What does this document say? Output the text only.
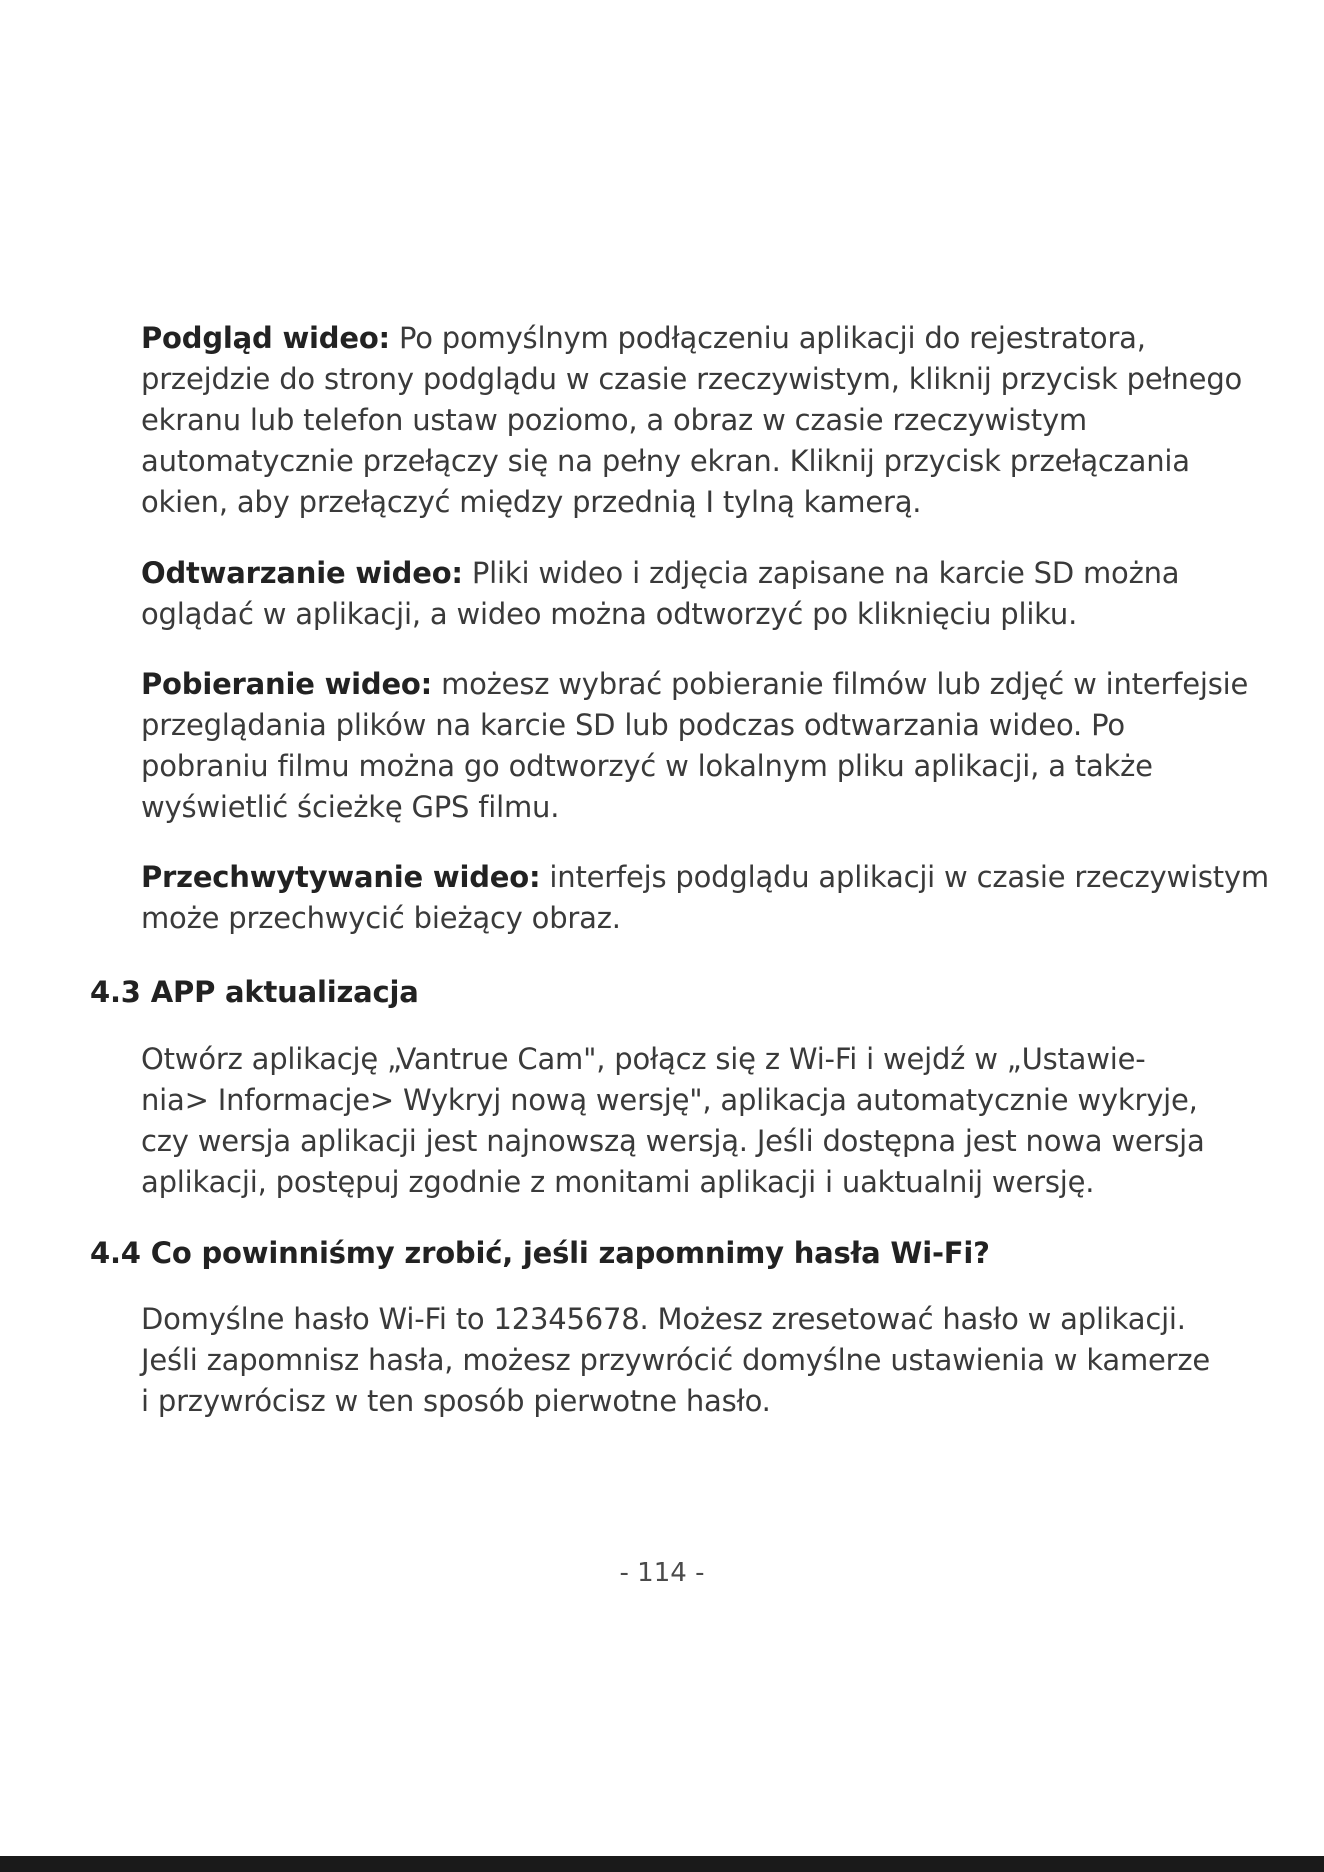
Podgląd wideo: Po pomyślnym podłączeniu aplikacji do rejestratora,
przejdzie do strony podglądu w czasie rzeczywistym, kliknij przycisk pełnego
ekranu lub telefon ustaw poziomo, a obraz w czasie rzeczywistym
automatycznie przełączy się na pełny ekran. Kliknij przycisk przełączania
okien, aby przełączyć między przednią I tylną kamerą.

Odtwarzanie wideo: Pliki wideo i zdjęcia zapisane na karcie SD można
oglądać w aplikacji, a wideo można odtworzyć po kliknięciu pliku.

Pobieranie wideo: możesz wybrać pobieranie filmów lub zdjęć w interfejsie
przeglądania plików na karcie SD lub podczas odtwarzania wideo. Po
pobraniu filmu można go odtworzyć w lokalnym pliku aplikacji, a także
wyświetlić ścieżkę GPS filmu.

Przechwytywanie wideo: interfejs podglądu aplikacji w czasie rzeczywistym
może przechwycić bieżący obraz.

4.3 APP aktualizacja

Otwórz aplikację „Vantrue Cam", połącz się z Wi-Fi i wejdź w „Ustawie-
nia> Informacje> Wykryj nową wersję", aplikacja automatycznie wykryje,
czy wersja aplikacji jest najnowszą wersją. Jeśli dostępna jest nowa wersja
aplikacji, postępuj zgodnie z monitami aplikacji i uaktualnij wersję.

4.4 Co powinniśmy zrobić, jeśli zapomnimy hasła Wi-Fi?

Domyślne hasło Wi-Fi to 12345678. Możesz zresetować hasło w aplikacji.
Jeśli zapomnisz hasła, możesz przywrócić domyślne ustawienia w kamerze
i przywrócisz w ten sposób pierwotne hasło.

- 114 -
